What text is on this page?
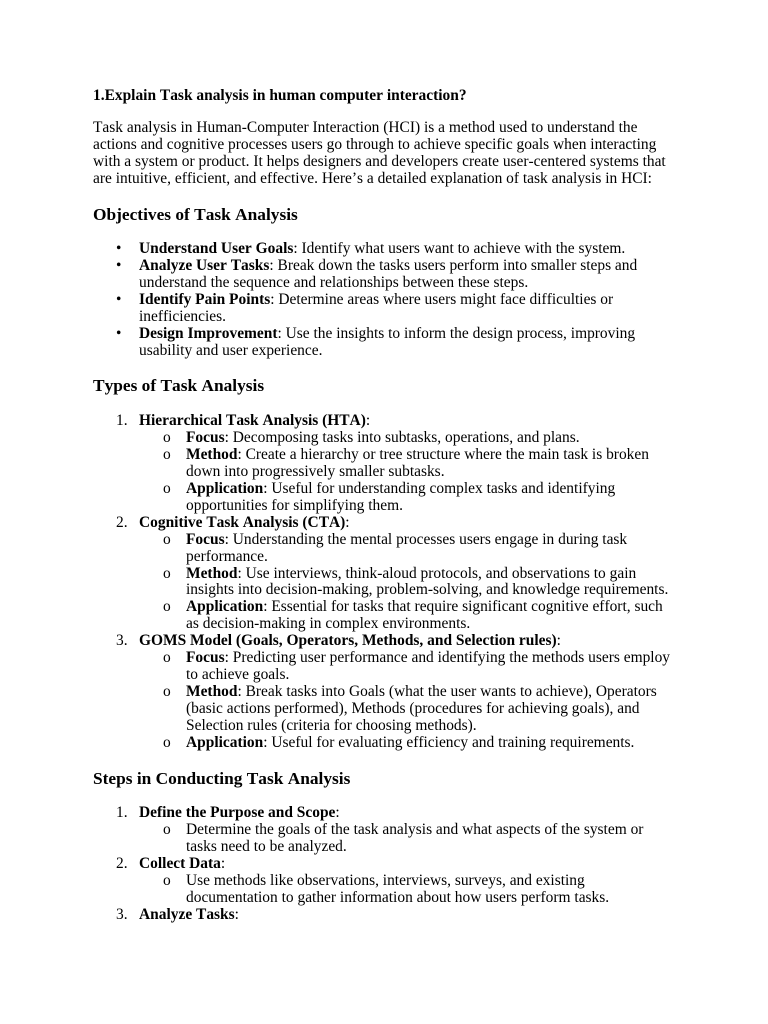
1.Explain Task analysis in human computer interaction?
Task analysis in Human-Computer Interaction (HCI) is a method used to understand the
actions and cognitive processes users go through to achieve specific goals when interacting
with a system or product. It helps designers and developers create user-centered systems that
are intuitive, efficient, and effective. Here’s a detailed explanation of task analysis in HCI:
Objectives of Task Analysis
• Understand User Goals: Identify what users want to achieve with the system.
• Analyze User Tasks: Break down the tasks users perform into smaller steps and
understand the sequence and relationships between these steps.
• Identify Pain Points: Determine areas where users might face difficulties or
inefficiencies.
• Design Improvement: Use the insights to inform the design process, improving
usability and user experience.
Types of Task Analysis
1. Hierarchical Task Analysis (HTA):
o Focus: Decomposing tasks into subtasks, operations, and plans.
o Method: Create a hierarchy or tree structure where the main task is broken
down into progressively smaller subtasks.
o Application: Useful for understanding complex tasks and identifying
opportunities for simplifying them.
2. Cognitive Task Analysis (CTA):
o Focus: Understanding the mental processes users engage in during task
performance.
o Method: Use interviews, think-aloud protocols, and observations to gain
insights into decision-making, problem-solving, and knowledge requirements.
o Application: Essential for tasks that require significant cognitive effort, such
as decision-making in complex environments.
3. GOMS Model (Goals, Operators, Methods, and Selection rules):
o Focus: Predicting user performance and identifying the methods users employ
to achieve goals.
o Method: Break tasks into Goals (what the user wants to achieve), Operators
(basic actions performed), Methods (procedures for achieving goals), and
Selection rules (criteria for choosing methods).
o Application: Useful for evaluating efficiency and training requirements.
Steps in Conducting Task Analysis
1. Define the Purpose and Scope:
o Determine the goals of the task analysis and what aspects of the system or
tasks need to be analyzed.
2. Collect Data:
o Use methods like observations, interviews, surveys, and existing
documentation to gather information about how users perform tasks.
3. Analyze Tasks:
